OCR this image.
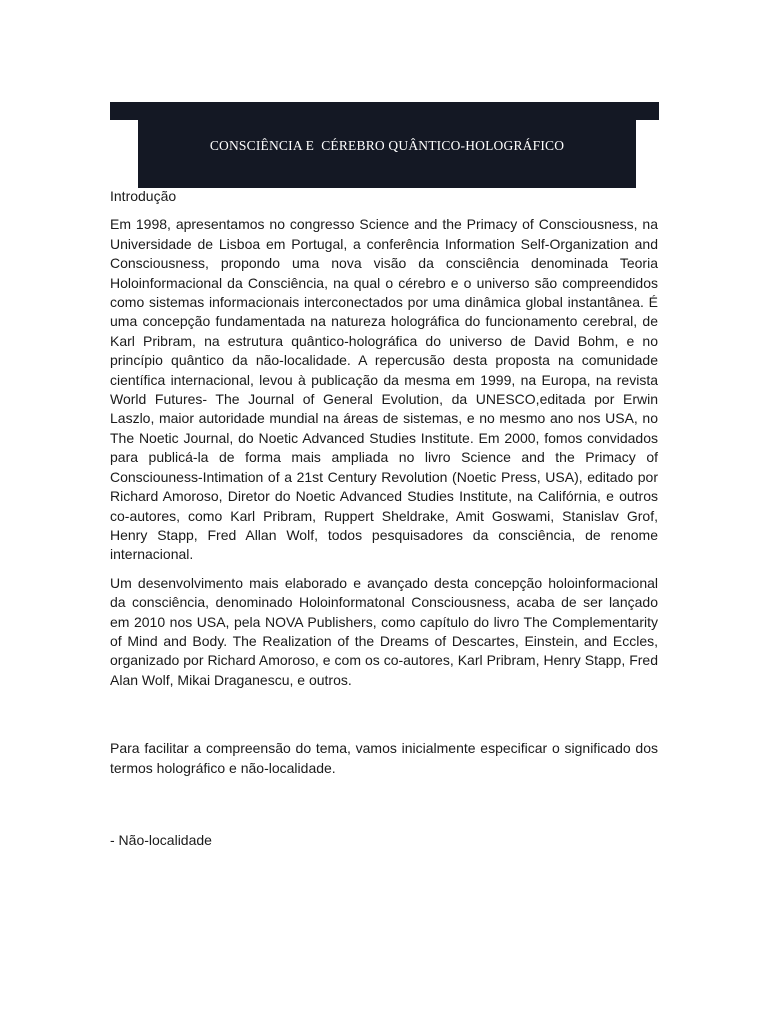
CONSCIÊNCIA E  CÉREBRO QUÂNTICO-HOLOGRÁFICO

Introdução

Em 1998, apresentamos no congresso Science and the Primacy of Consciousness, na Universidade de Lisboa em Portugal, a conferência Information Self-Organization and Consciousness, propondo uma nova visão da consciência denominada Teoria Holoinformacional da Consciência, na qual o cérebro e o universo são compreendidos como sistemas informacionais interconectados por uma dinâmica global instantânea. É uma concepção fundamentada na natureza holográfica do funcionamento cerebral, de Karl Pribram, na estrutura quântico-holográfica do universo de David Bohm, e no princípio quântico da não-localidade. A repercusão desta proposta na comunidade científica internacional, levou à publicação da mesma em 1999, na Europa, na revista World Futures- The Journal of General Evolution, da UNESCO,editada por Erwin Laszlo, maior autoridade mundial na áreas de sistemas, e no mesmo ano nos USA, no The Noetic Journal, do Noetic Advanced Studies Institute. Em 2000, fomos convidados para publicá-la de forma mais ampliada no livro Science and the Primacy of Consciouness-Intimation of a 21st Century Revolution (Noetic Press, USA), editado por Richard Amoroso, Diretor do Noetic Advanced Studies Institute, na Califórnia, e outros co-autores, como Karl Pribram, Ruppert Sheldrake, Amit Goswami, Stanislav Grof, Henry Stapp, Fred Allan Wolf, todos pesquisadores da consciência, de renome internacional.

Um desenvolvimento mais elaborado e avançado desta concepção holoinformacional da consciência, denominado Holoinformatonal Consciousness, acaba de ser lançado em 2010 nos USA, pela NOVA Publishers, como capítulo do livro The Complementarity of Mind and Body. The Realization of the Dreams of Descartes, Einstein, and Eccles, organizado por Richard Amoroso, e com os co-autores, Karl Pribram, Henry Stapp, Fred Alan Wolf, Mikai Draganescu, e outros.

Para facilitar a compreensão do tema, vamos inicialmente especificar o significado dos termos holográfico e não-localidade.

- Não-localidade
